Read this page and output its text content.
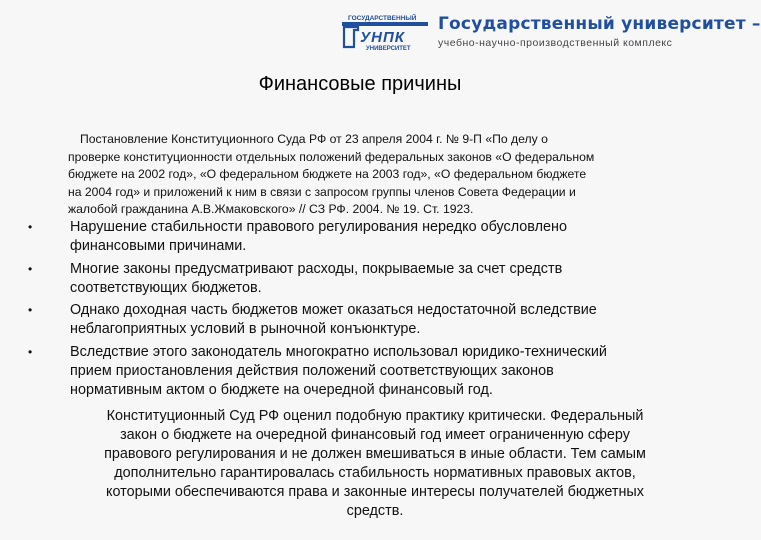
ГОСУДАРСТВЕННЫЙ
УНПК
УНИВЕРСИТЕТ
Государственный университет –
учебно-научно-производственный комплекс
Финансовые причины
Постановление Конституционного Суда РФ от 23 апреля 2004 г. № 9-П «По делу о
проверке конституционности отдельных положений федеральных законов «О федеральном
бюджете на 2002 год», «О федеральном бюджете на 2003 год», «О федеральном бюджете
на 2004 год» и приложений к ним в связи с запросом группы членов Совета Федерации и
жалобой гражданина А.В.Жмаковского» // СЗ РФ. 2004. № 19. Ст. 1923.
•	Нарушение стабильности правового регулирования нередко обусловлено
финансовыми причинами.
•	Многие законы предусматривают расходы, покрываемые за счет средств
соответствующих бюджетов.
•	Однако доходная часть бюджетов может оказаться недостаточной вследствие
неблагоприятных условий в рыночной конъюнктуре.
•	Вследствие этого законодатель многократно использовал юридико-технический
прием приостановления действия положений соответствующих законов
нормативным актом о бюджете на очередной финансовый год.
Конституционный Суд РФ оценил подобную практику критически. Федеральный
закон о бюджете на очередной финансовый год имеет ограниченную сферу
правового регулирования и не должен вмешиваться в иные области. Тем самым
дополнительно гарантировалась стабильность нормативных правовых актов,
которыми обеспечиваются права и законные интересы получателей бюджетных
средств.
